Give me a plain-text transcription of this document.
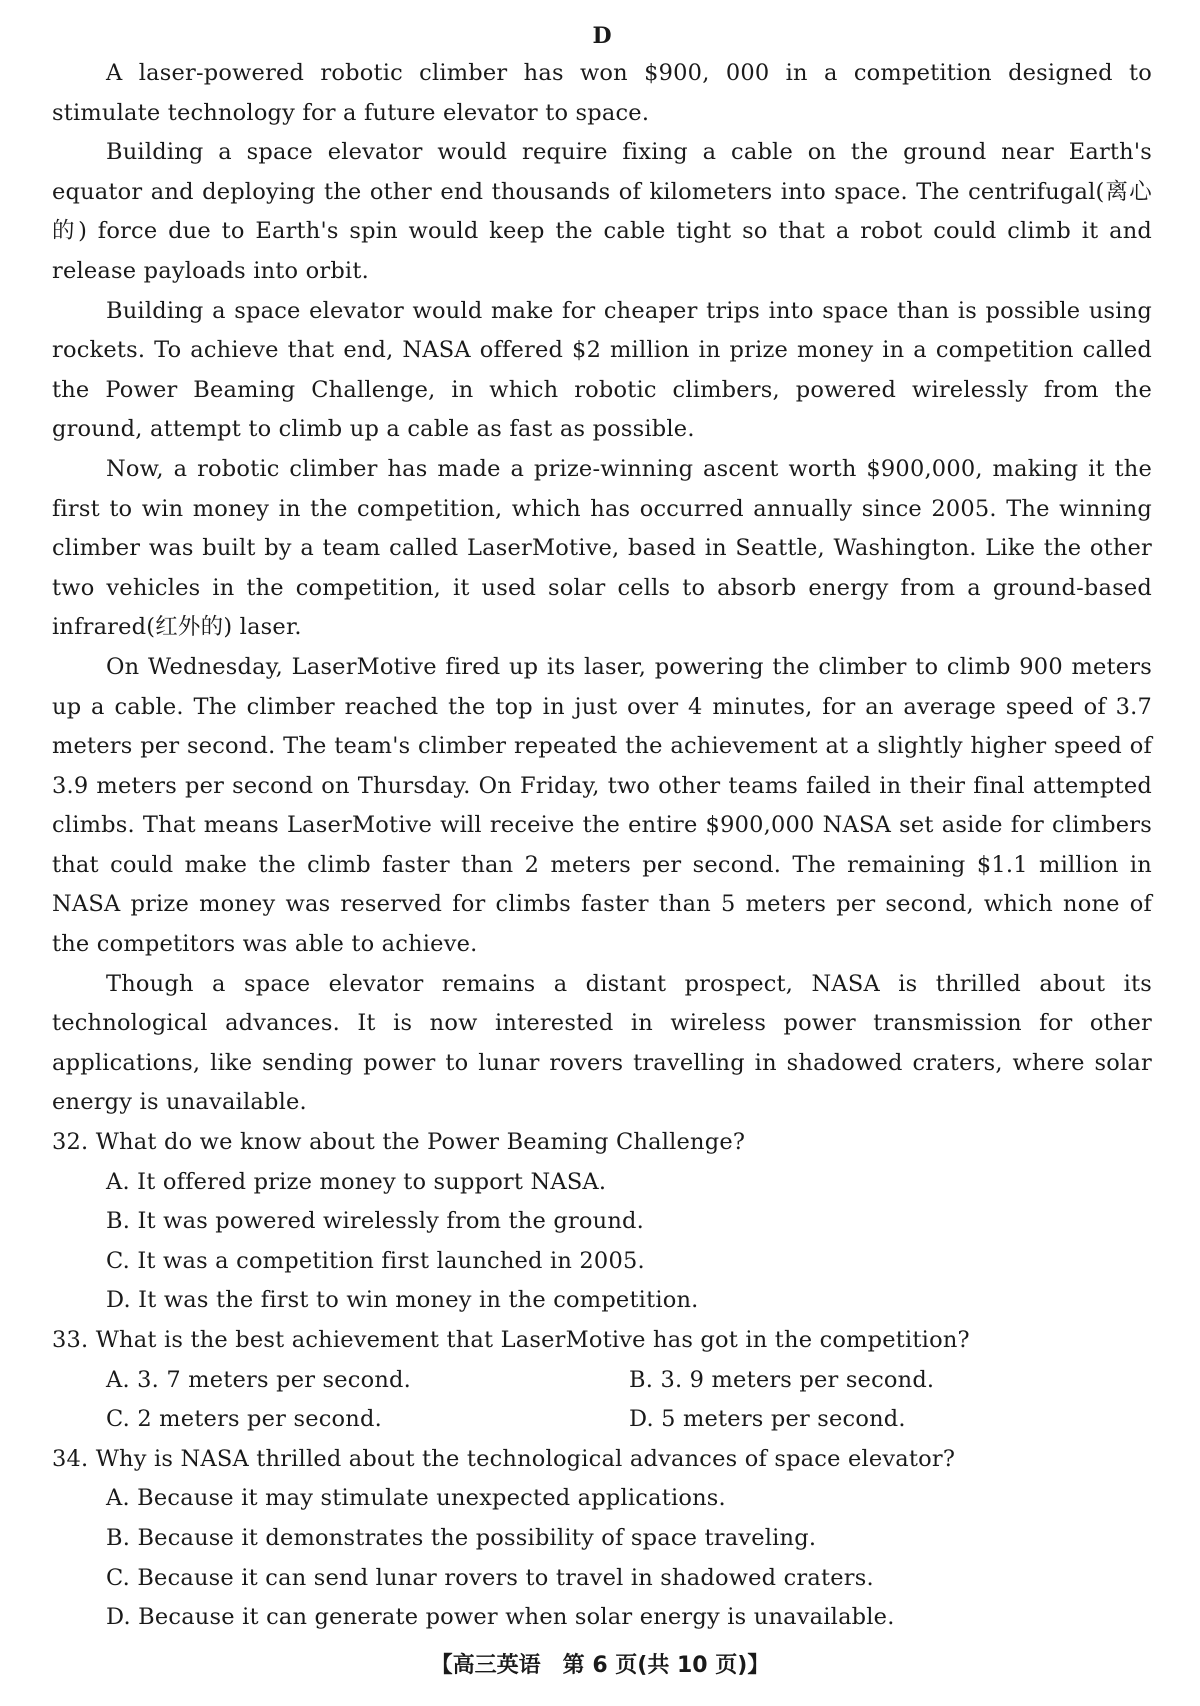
D

A laser-powered robotic climber has won $900, 000 in a competition designed to stimulate technology for a future elevator to space.

Building a space elevator would require fixing a cable on the ground near Earth's equator and deploying the other end thousands of kilometers into space. The centrifugal(离心的) force due to Earth's spin would keep the cable tight so that a robot could climb it and release payloads into orbit.

Building a space elevator would make for cheaper trips into space than is possible using rockets. To achieve that end, NASA offered $2 million in prize money in a competition called the Power Beaming Challenge, in which robotic climbers, powered wirelessly from the ground, attempt to climb up a cable as fast as possible.

Now, a robotic climber has made a prize-winning ascent worth $900,000, making it the first to win money in the competition, which has occurred annually since 2005. The winning climber was built by a team called LaserMotive, based in Seattle, Washington. Like the other two vehicles in the competition, it used solar cells to absorb energy from a ground-based infrared(红外的) laser.

On Wednesday, LaserMotive fired up its laser, powering the climber to climb 900 meters up a cable. The climber reached the top in just over 4 minutes, for an average speed of 3.7 meters per second. The team's climber repeated the achievement at a slightly higher speed of 3.9 meters per second on Thursday. On Friday, two other teams failed in their final attempted climbs. That means LaserMotive will receive the entire $900,000 NASA set aside for climbers that could make the climb faster than 2 meters per second. The remaining $1.1 million in NASA prize money was reserved for climbs faster than 5 meters per second, which none of the competitors was able to achieve.

Though a space elevator remains a distant prospect, NASA is thrilled about its technological advances. It is now interested in wireless power transmission for other applications, like sending power to lunar rovers travelling in shadowed craters, where solar energy is unavailable.

32. What do we know about the Power Beaming Challenge?

A. It offered prize money to support NASA.

B. It was powered wirelessly from the ground.

C. It was a competition first launched in 2005.

D. It was the first to win money in the competition.

33. What is the best achievement that LaserMotive has got in the competition?

A. 3. 7 meters per second.	B. 3. 9 meters per second.
C. 2 meters per second.	D. 5 meters per second.

34. Why is NASA thrilled about the technological advances of space elevator?

A. Because it may stimulate unexpected applications.

B. Because it demonstrates the possibility of space traveling.

C. Because it can send lunar rovers to travel in shadowed craters.

D. Because it can generate power when solar energy is unavailable.

【高三英语　第 6 页(共 10 页)】
